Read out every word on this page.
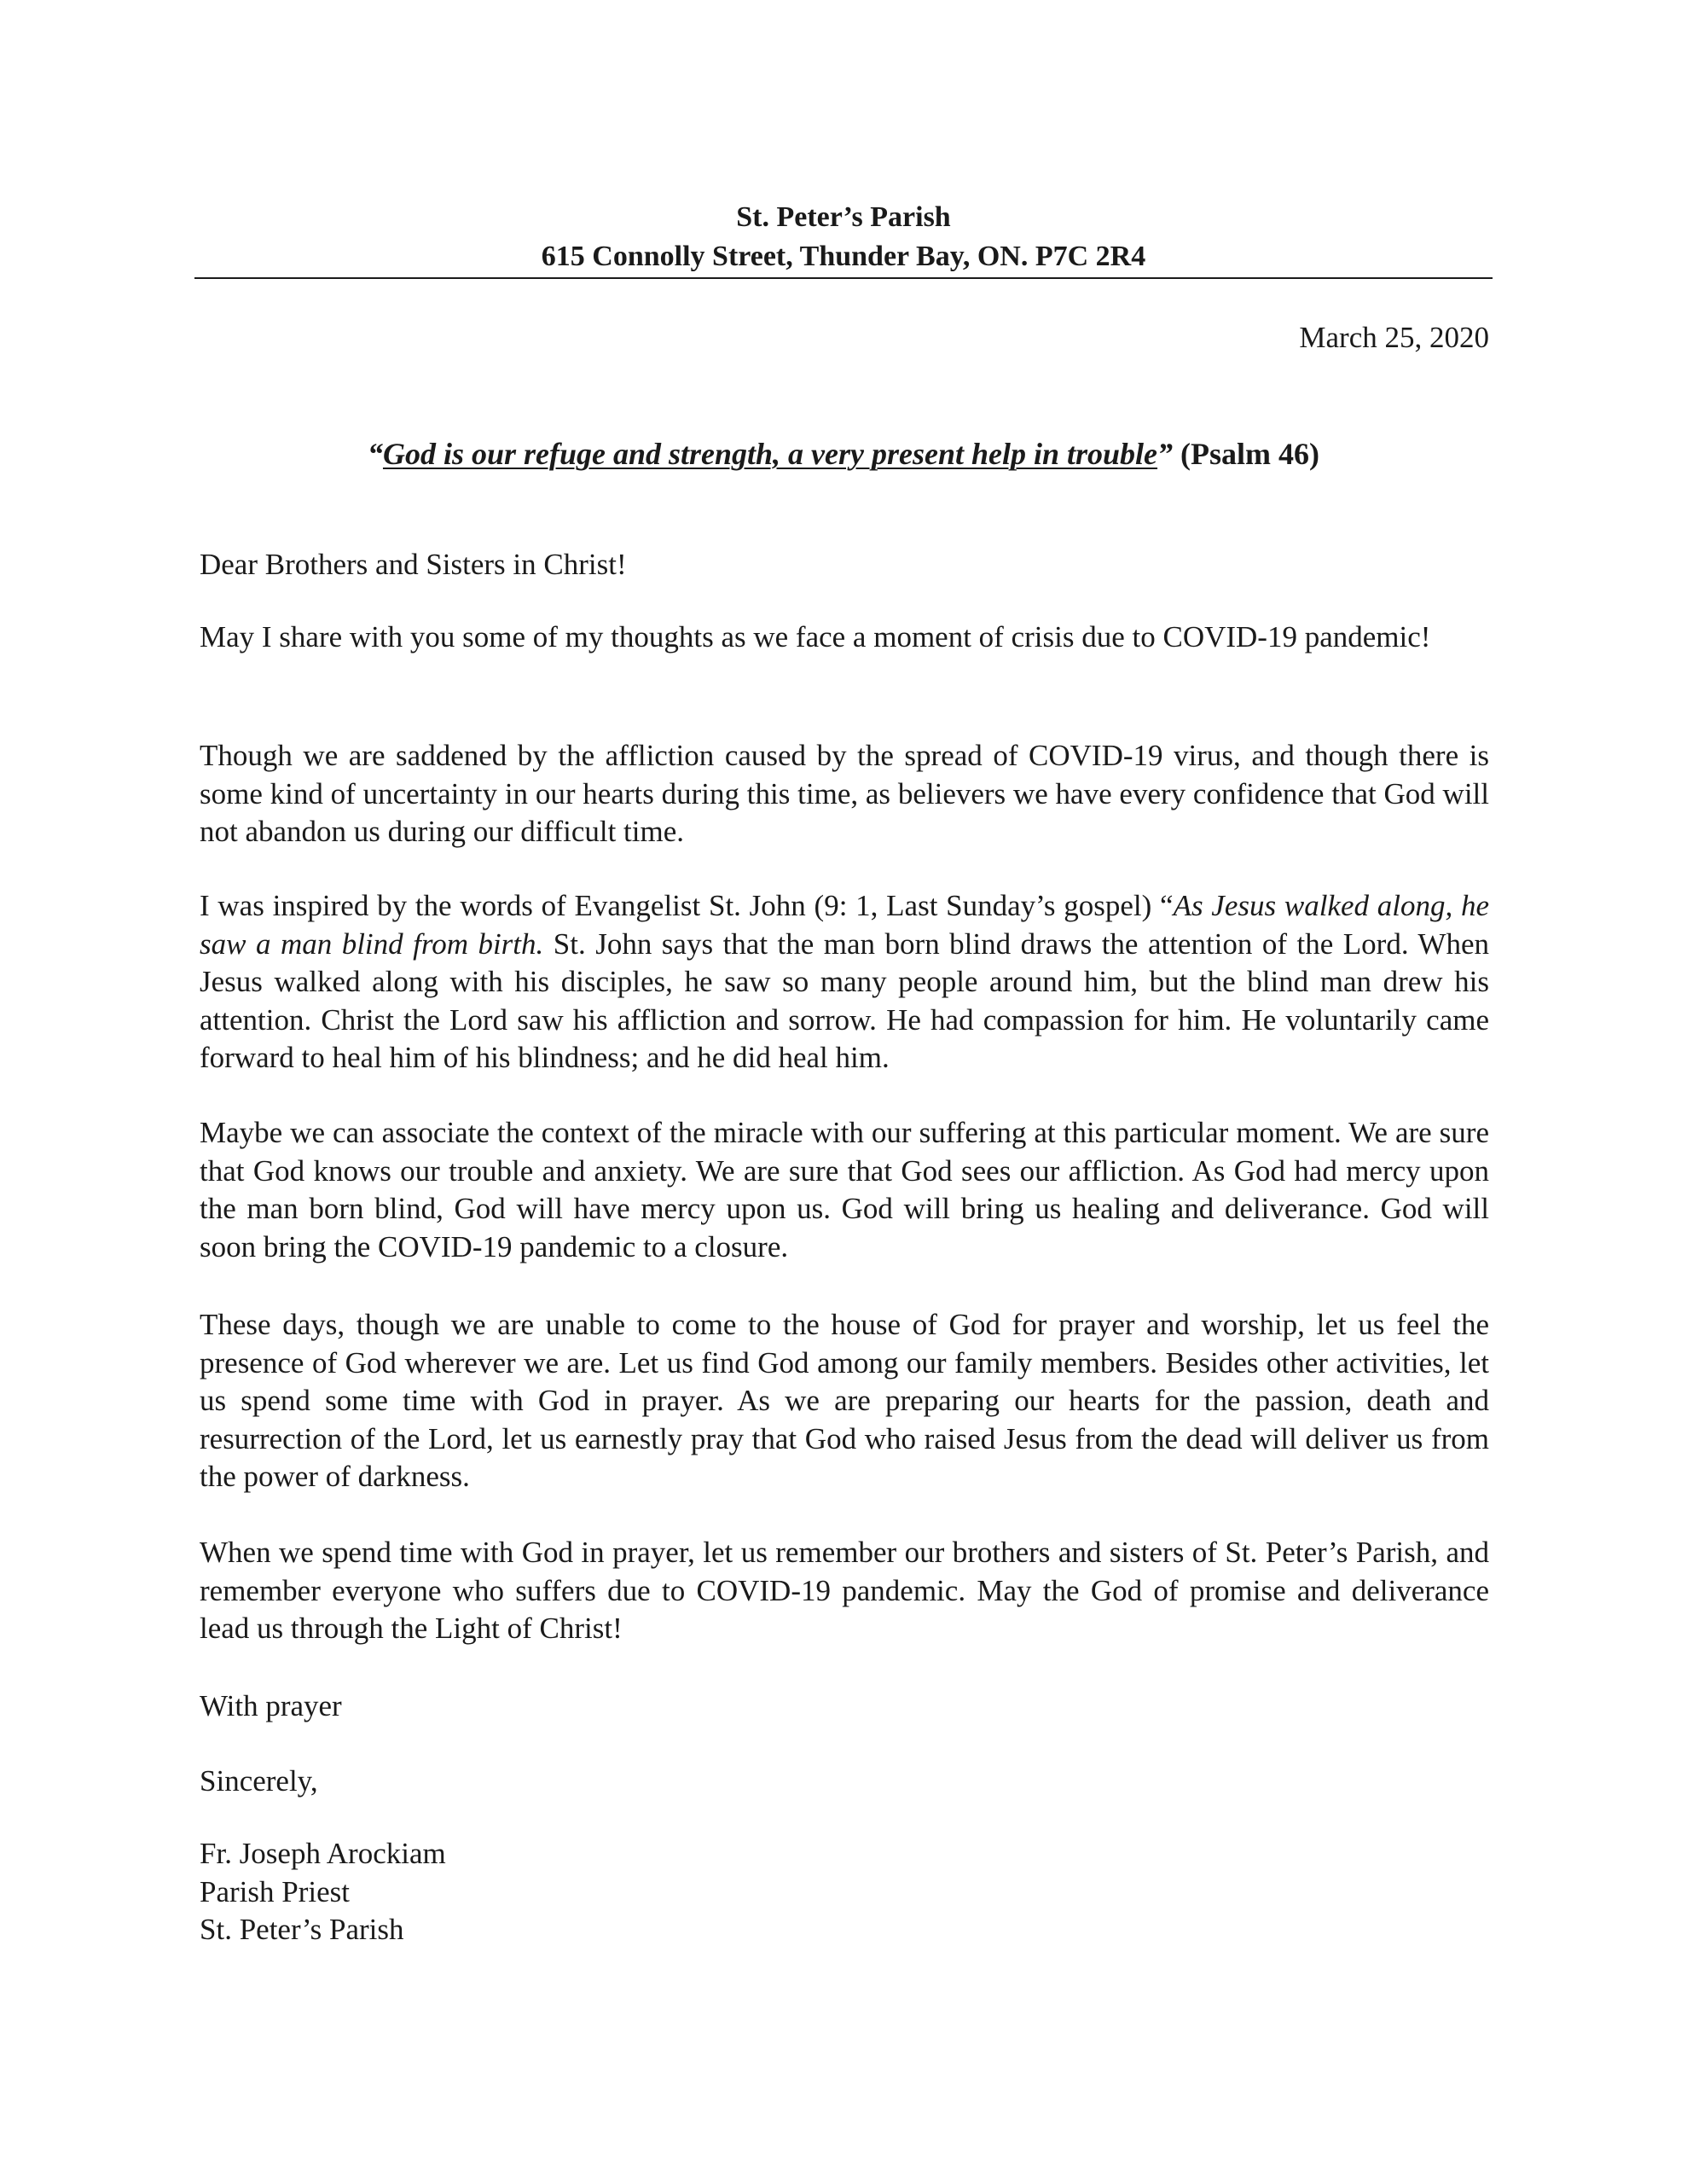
St. Peter’s Parish
615 Connolly Street, Thunder Bay, ON. P7C 2R4
March 25, 2020
“God is our refuge and strength, a very present help in trouble” (Psalm 46)

Dear Brothers and Sisters in Christ!

May I share with you some of my thoughts as we face a moment of crisis due to COVID-19 pandemic!

Though we are saddened by the affliction caused by the spread of COVID-19 virus, and though there is some kind of uncertainty in our hearts during this time, as believers we have every confidence that God will not abandon us during our difficult time.

I was inspired by the words of Evangelist St. John (9: 1, Last Sunday’s gospel) “As Jesus walked along, he saw a man blind from birth. St. John says that the man born blind draws the attention of the Lord. When Jesus walked along with his disciples, he saw so many people around him, but the blind man drew his attention. Christ the Lord saw his affliction and sorrow. He had compassion for him. He voluntarily came forward to heal him of his blindness; and he did heal him.

Maybe we can associate the context of the miracle with our suffering at this particular moment. We are sure that God knows our trouble and anxiety. We are sure that God sees our affliction. As God had mercy upon the man born blind, God will have mercy upon us. God will bring us healing and deliverance. God will soon bring the COVID-19 pandemic to a closure.

These days, though we are unable to come to the house of God for prayer and worship, let us feel the presence of God wherever we are. Let us find God among our family members. Besides other activities, let us spend some time with God in prayer. As we are preparing our hearts for the passion, death and resurrection of the Lord, let us earnestly pray that God who raised Jesus from the dead will deliver us from the power of darkness.

When we spend time with God in prayer, let us remember our brothers and sisters of St. Peter’s Parish, and remember everyone who suffers due to COVID-19 pandemic. May the God of promise and deliverance lead us through the Light of Christ!

With prayer

Sincerely,

Fr. Joseph Arockiam
Parish Priest
St. Peter’s Parish
